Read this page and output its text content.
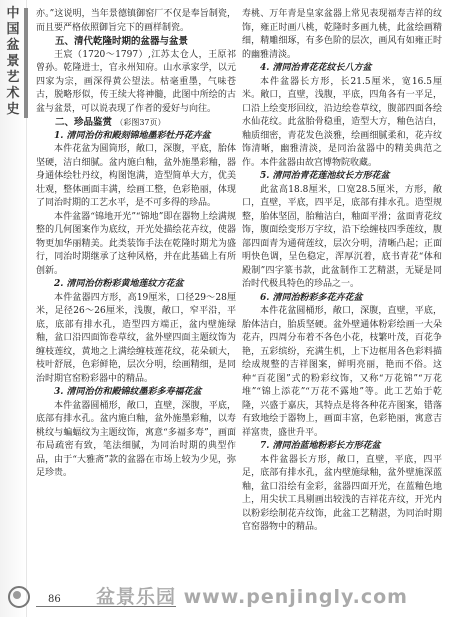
中
国
盆
景
艺
术
史

亦。”这说明，当年景德镇御窑厂不仅是奉旨制瓷，而且要严格依照御旨完下的画样制瓷。

五、清代乾隆时期的盆器与盆景

王宸（1720～1797）,江苏太仓人，王原祁曾孙。乾隆进士，官永州知府。山水承家学，以元四家为宗，画深得黄公望法。枯毫重墨，气味苍古，脱略形似，传王续大将神髓，此图中所绘的古盆与盆景，可以说表现了作者的爱好与向往。

二、珍品鉴赏 （彩图37页）

1. 清同治仿和殿刻锦地墨彩牡丹花卉盆

本件花盆为圆筒形，敞口，深腹，平底，胎体坚硬，洁白细腻。盆内施白釉，盆外施墨彩釉，器身通体绘牡丹纹，构图饱满，造型简单大方，优美壮观，整体画面丰满，绘画工整，色彩艳丽，体现了同治时期的工艺水平，是不可多得的珍品。

本件盆器“锦地开光”“锦地”即在器物上绘满规整的几何图案作为底纹，开光处描绘花卉纹，使器物更加华丽精美。此类装饰手法在乾隆时期尤为盛行，同治时期继承了这种风格，并在此基础上有所创新。

2. 清同治仿粉彩黄地莲纹方花盆

本件盆器四方形，高19厘米，口径29～28厘米，足径26～26厘米，浅腹，敞口，窄平沿，平底，底部有排水孔，造型四方端正，盆内壁施绿釉，盆口沿四面饰卷草纹，盆外壁四面主题纹饰为缠枝莲纹，黄地之上满绘缠枝莲花纹，花朵硕大，枝叶舒展，色彩鲜艳，层次分明，绘画精细，是同治时期官窑粉彩器中的精品。

3. 清同治仿和殿锦纹墨彩多寿福花盆

本件盆器圆桶形，敞口，直壁，深腹，平底，底部有排水孔。盆内施白釉，盆外施墨彩釉，以寿桃纹与蝙蝠纹为主题纹饰，寓意“多福多寿”，画面布局疏密有致，笔法细腻，为同治时期的典型作品，由于“大雅斋”款的盆器在市场上较为少见，弥足珍贵。

寿桃、万年青是皇家盆器上常见表现福寿吉祥的纹饰，雍正时画八桃，乾隆时多画九桃，此盆绘画精细，精雕细琢，有多色阶的层次，画风有如雍正时的幽雅清淡。

4. 清同治青花花纹长八方盆

本件盆器长方形，长21.5厘米，宽16.5厘米。敞口，直壁，浅腹，平底，四角各有一平足，口沿上绘变形回纹，沿边绘卷草纹，腹部四面各绘水仙花纹。此盆胎骨稳重，造型大方，釉色洁白，釉质细密，青花发色淡雅，绘画细腻柔和，花卉纹饰清晰，幽雅清淡，是同治盆器中的精美典范之作。本件盆器由故宫博物院收藏。

5. 清同治青花莲池纹长方形花盆

此盆高18.8厘米，口宽28.5厘米，方形，敞口，直壁，平底，四平足，底部有排水孔。造型规整，胎体坚固，胎釉洁白，釉面平滑；盆面青花纹饰，腹面绘变形万字纹，沿下绘缠枝四季莲纹，腹部四面青为通荷莲纹，层次分明，清晰凸起；正面明快色调，呈色稳定，浑厚沉着，底书青花“体和殿制”四字篆书款，此盆制作工艺精湛，无疑是同治时代极具特色的珍品之一。

6. 清同治粉彩多花卉花盆

本件花盆圆桶形，敞口，深腹，直壁，平底，胎体洁白，胎质坚硬。盆外壁通体粉彩绘画一大朵花卉，四周分布着不各色小花，枝繁叶茂，百花争艳，五彩缤纷，充满生机，上下边框用各色彩料描绘成规整的吉祥图案，鲜明亮丽，艳而不俗。这种“百花图”式的粉彩纹饰，又称“万花锦”“万花堆”“锦上添花”“万花不露地”等。此工艺始于乾隆，兴盛于嘉庆，其特点是将各种花卉图案，错落有致地绘于器物上，画面丰富，色彩艳丽，寓意吉祥富贵，盛世升平。

7. 清同治蓝地粉彩长方形花盆

本件盆器长方形，敞口，直壁，平底，四平足，底部有排水孔，盆内壁施绿釉，盆外壁施深蓝釉，盆口沿绘有金彩，盆器四面开光，在蓝釉色地上，用尖状工具剔画出较浅的吉祥花卉纹，开光内以粉彩绘制花卉纹饰，此盆工艺精湛，为同治时期官窑器物中的精品。

86 盆景乐园 www.penjingly.com
